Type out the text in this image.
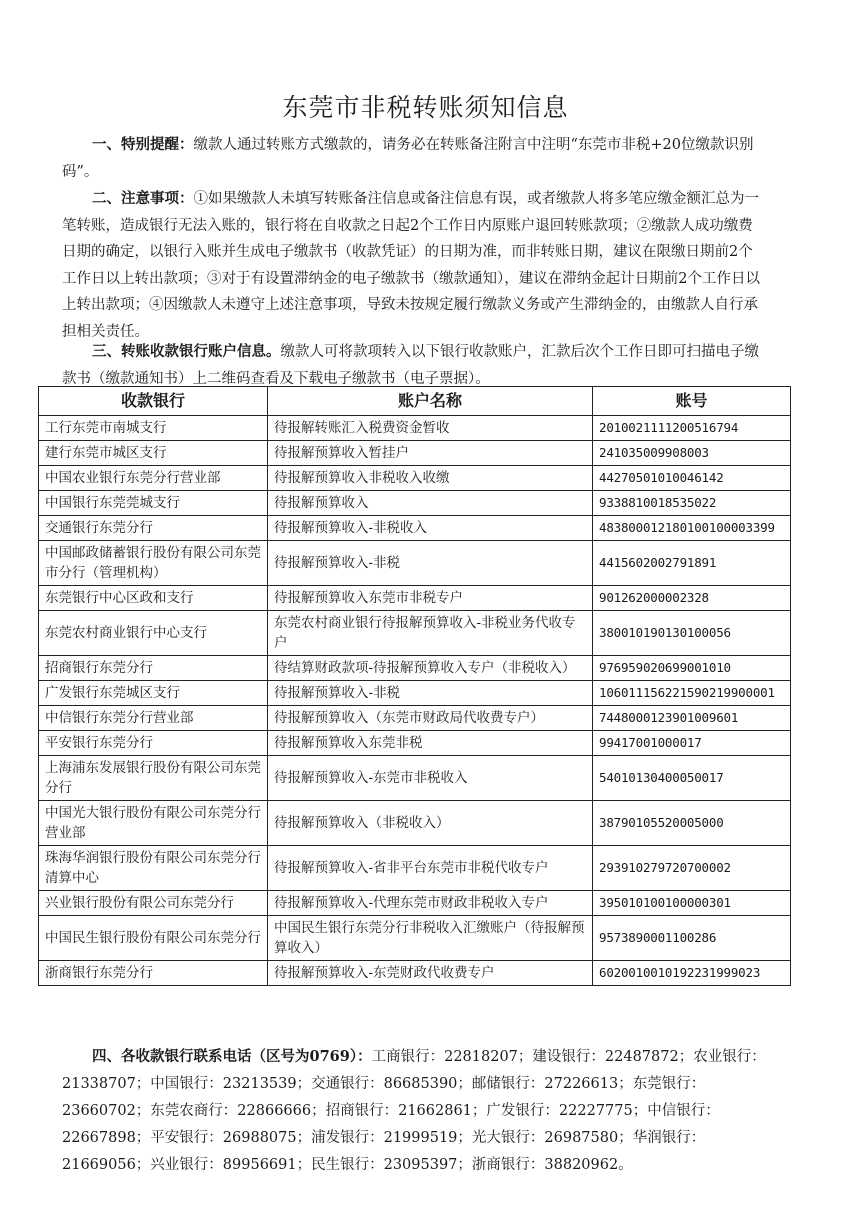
东莞市非税转账须知信息
一、特别提醒：缴款人通过转账方式缴款的，请务必在转账备注附言中注明“东莞市非税+20位缴款识别码”。
二、注意事项：①如果缴款人未填写转账备注信息或备注信息有误，或者缴款人将多笔应缴金额汇总为一笔转账，造成银行无法入账的，银行将在自收款之日起2个工作日内原账户退回转账款项；②缴款人成功缴费日期的确定，以银行入账并生成电子缴款书（收款凭证）的日期为准，而非转账日期，建议在限缴日期前2个工作日以上转出款项；③对于有设置滞纳金的电子缴款书（缴款通知），建议在滞纳金起计日期前2个工作日以上转出款项；④因缴款人未遵守上述注意事项，导致未按规定履行缴款义务或产生滞纳金的，由缴款人自行承担相关责任。
三、转账收款银行账户信息。缴款人可将款项转入以下银行收款账户，汇款后次个工作日即可扫描电子缴款书（缴款通知书）上二维码查看及下载电子缴款书（电子票据）。
收款银行	账户名称	账号
工行东莞市南城支行	待报解转账汇入税费资金暂收	2010021111200516794
建行东莞市城区支行	待报解预算收入暂挂户	241035009908003
中国农业银行东莞分行营业部	待报解预算收入非税收入收缴	44270501010046142
中国银行东莞莞城支行	待报解预算收入	9338810018535022
交通银行东莞分行	待报解预算收入-非税收入	483800012180100100003399
中国邮政储蓄银行股份有限公司东莞市分行（管理机构）	待报解预算收入-非税	4415602002791891
东莞银行中心区政和支行	待报解预算收入东莞市非税专户	901262000002328
东莞农村商业银行中心支行	东莞农村商业银行待报解预算收入-非税业务代收专户	380010190130100056
招商银行东莞分行	待结算财政款项-待报解预算收入专户（非税收入）	976959020699001010
广发银行东莞城区支行	待报解预算收入-非税	106011156221590219900001
中信银行东莞分行营业部	待报解预算收入（东莞市财政局代收费专户）	7448000123901009601
平安银行东莞分行	待报解预算收入东莞非税	99417001000017
上海浦东发展银行股份有限公司东莞分行	待报解预算收入-东莞市非税收入	54010130400050017
中国光大银行股份有限公司东莞分行营业部	待报解预算收入（非税收入）	38790105520005000
珠海华润银行股份有限公司东莞分行清算中心	待报解预算收入-省非平台东莞市非税代收专户	293910279720700002
兴业银行股份有限公司东莞分行	待报解预算收入-代理东莞市财政非税收入专户	395010100100000301
中国民生银行股份有限公司东莞分行	中国民生银行东莞分行非税收入汇缴账户（待报解预算收入）	9573890001100286
浙商银行东莞分行	待报解预算收入-东莞财政代收费专户	602001001019223199902​3
四、各收款银行联系电话（区号为0769）：工商银行：22818207；建设银行：22487872；农业银行：21338707；中国银行：23213539；交通银行：86685390；邮储银行：27226613；东莞银行：23660702；东莞农商行：22866666；招商银行：21662861；广发银行：22227775；中信银行：22667898；平安银行：26988075；浦发银行：21999519；光大银行：26987580；华润银行：21669056；兴业银行：89956691；民生银行：23095397；浙商银行：38820962。
